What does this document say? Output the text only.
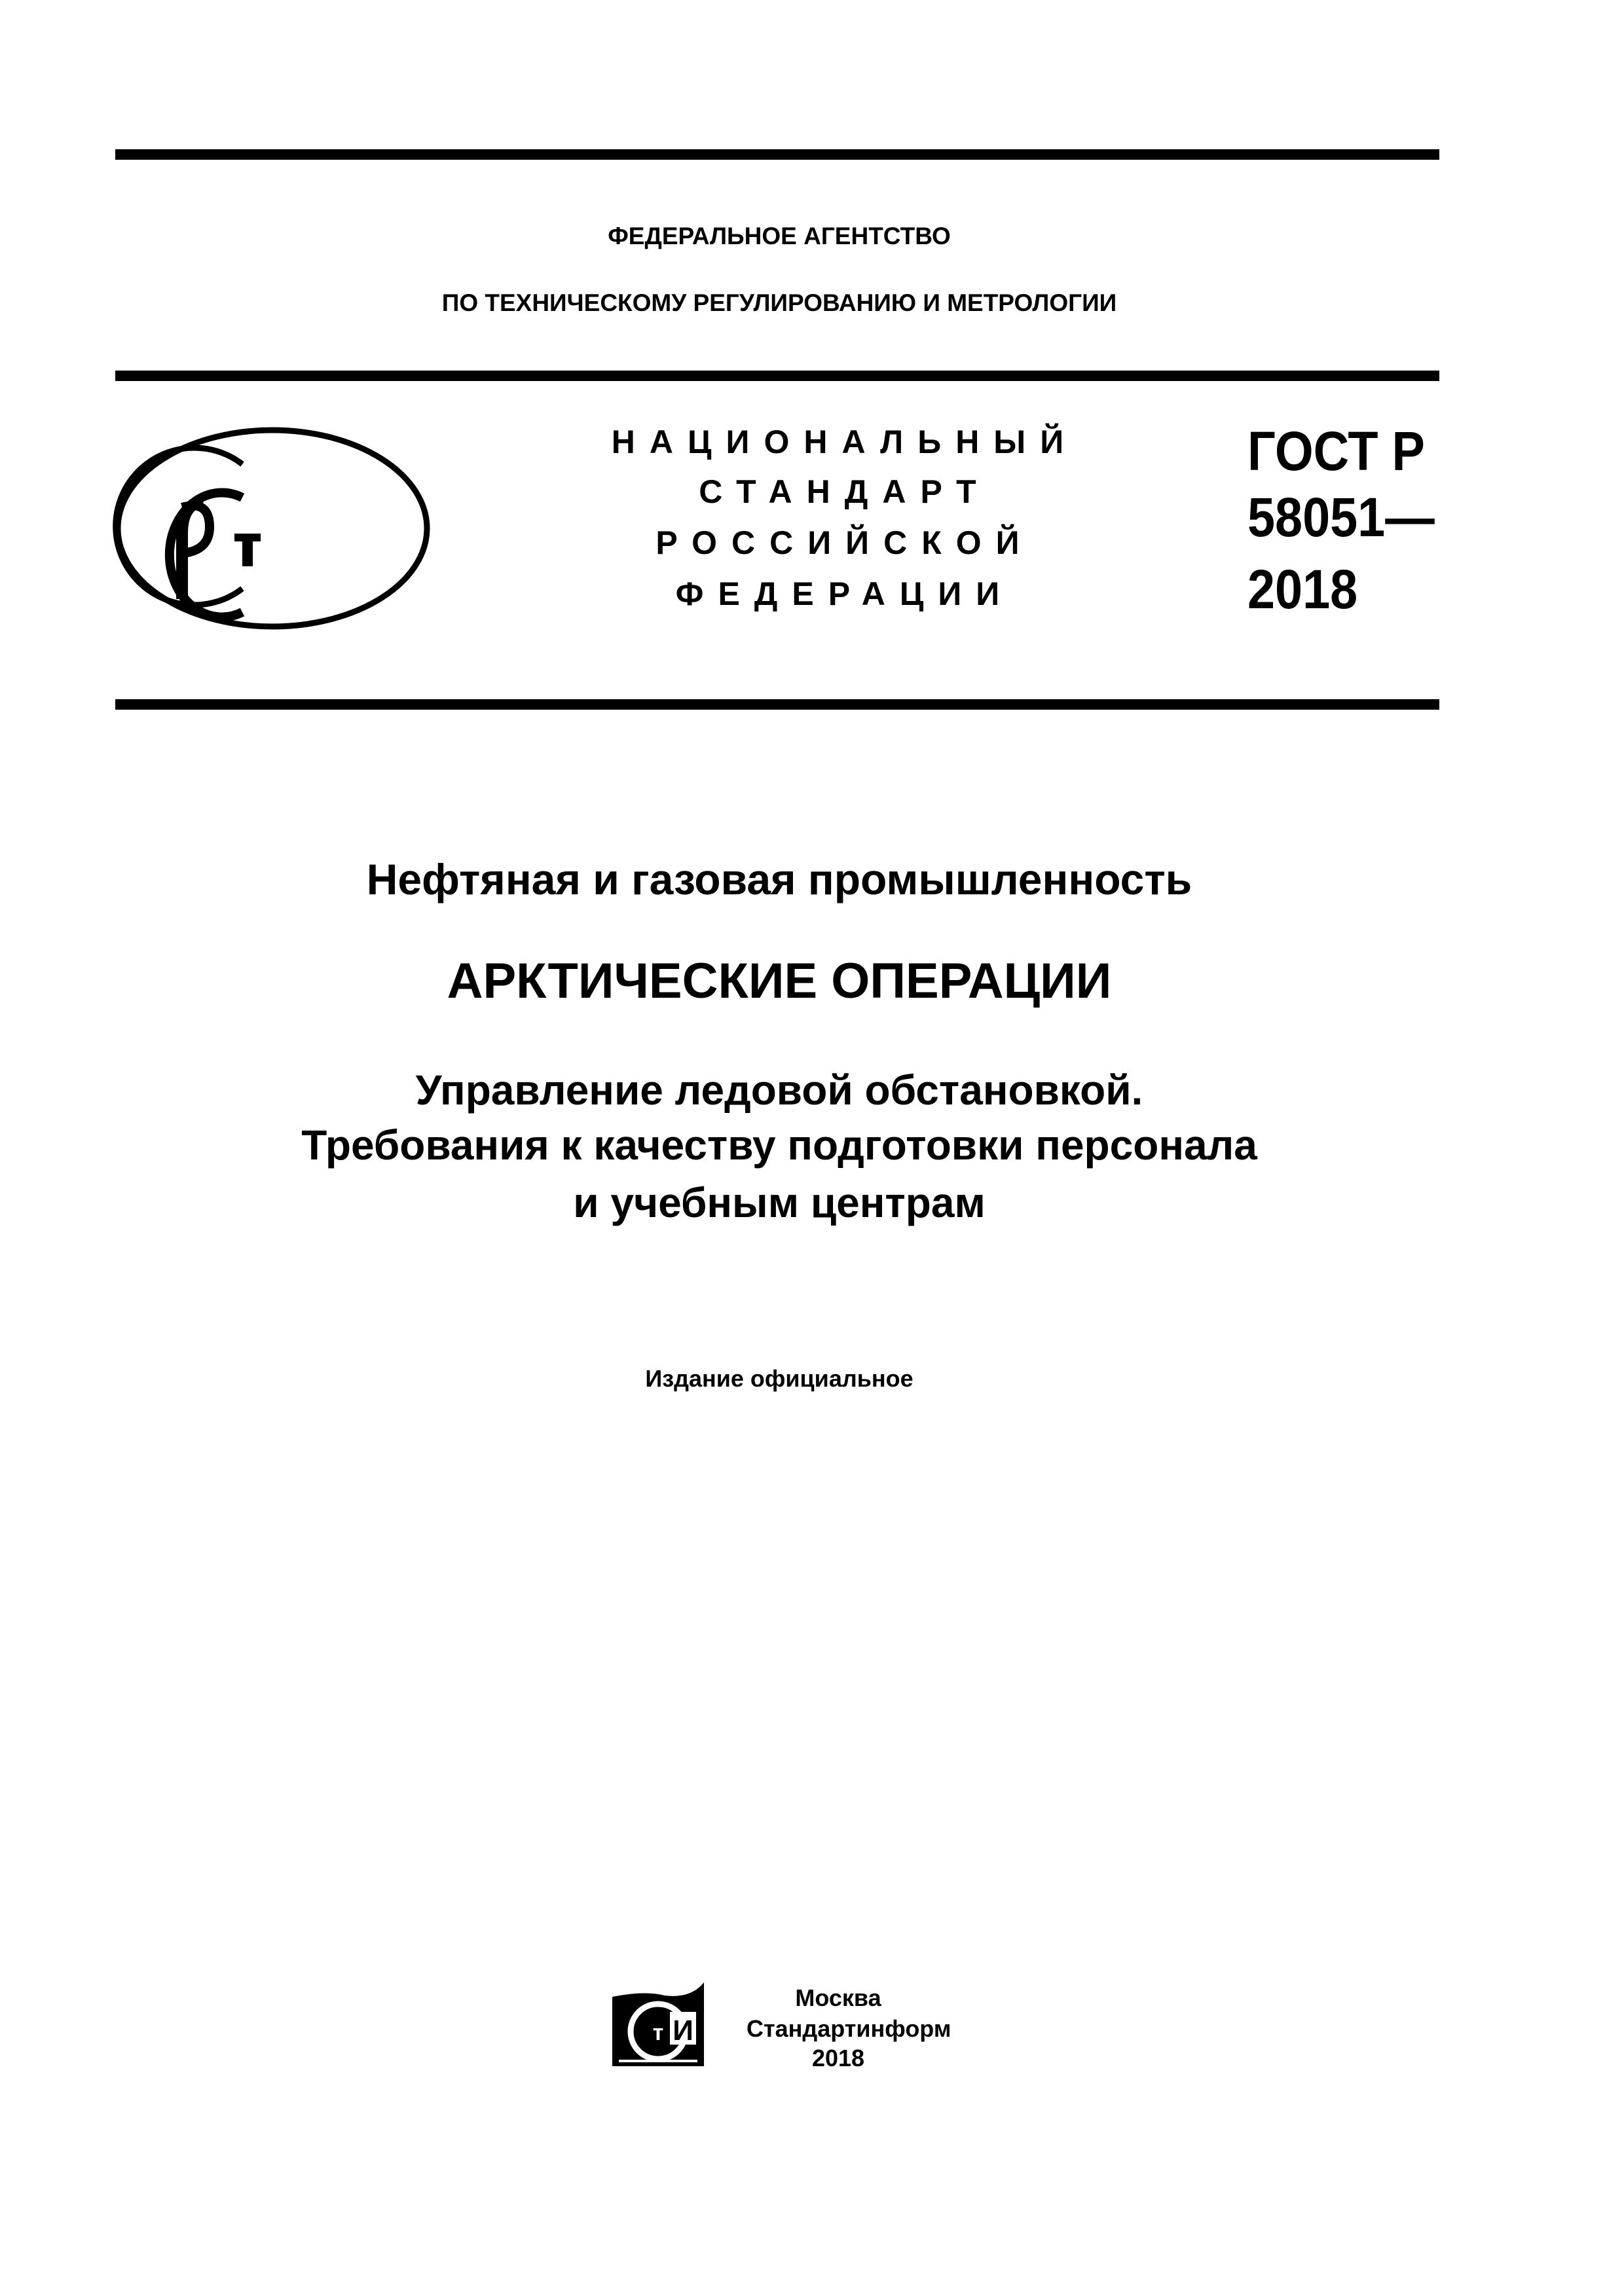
ФЕДЕРАЛЬНОЕ АГЕНТСТВО
ПО ТЕХНИЧЕСКОМУ РЕГУЛИРОВАНИЮ И МЕТРОЛОГИИ
НАЦИОНАЛЬНЫЙ
СТАНДАРТ
РОССИЙСКОЙ
ФЕДЕРАЦИИ
ГОСТ Р
58051—
2018
Нефтяная и газовая промышленность
АРКТИЧЕСКИЕ ОПЕРАЦИИ
Управление ледовой обстановкой.
Требования к качеству подготовки персонала
и учебным центрам
Издание официальное
И
т
Москва
Стандартинформ
2018
